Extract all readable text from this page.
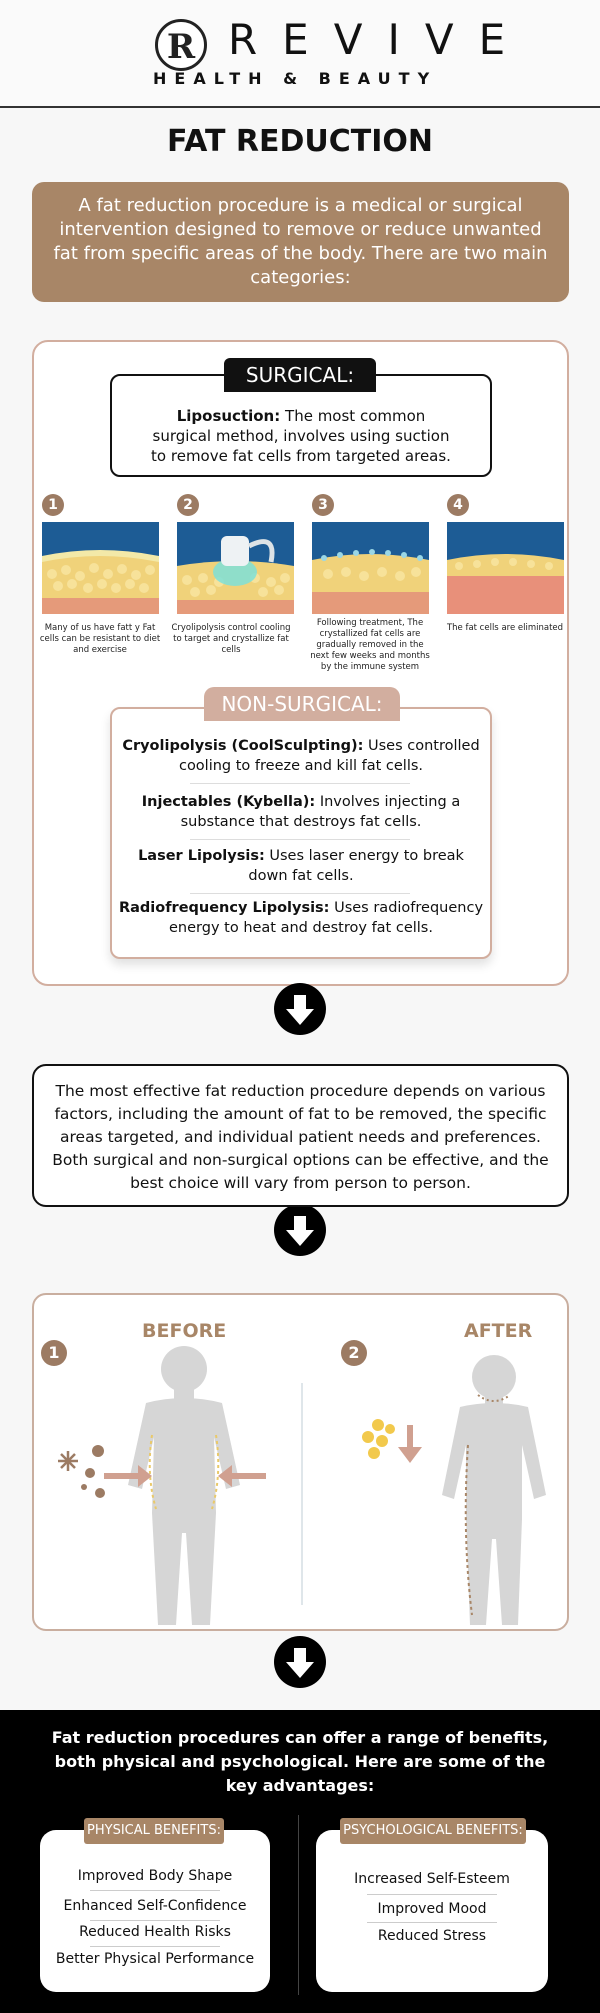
R REVIVE
HEALTH & BEAUTY
FAT REDUCTION
A fat reduction procedure is a medical or surgical intervention designed to remove or reduce unwanted fat from specific areas of the body. There are two main categories:
Liposuction: The most common surgical method, involves using suction to remove fat cells from targeted areas.
SURGICAL:
1	2	3	4
Many of us have fatt y Fat cells can be resistant to diet and exercise
Cryolipolysis control cooling to target and crystallize fat cells
Following treatment, The crystallized fat cells are gradually removed in the next few weeks and months by the immune system
The fat cells are eliminated
NON-SURGICAL:
Cryolipolysis (CoolSculpting): Uses controlled cooling to freeze and kill fat cells.
Injectables (Kybella): Involves injecting a substance that destroys fat cells.
Laser Lipolysis: Uses laser energy to break down fat cells.
Radiofrequency Lipolysis: Uses radiofrequency energy to heat and destroy fat cells.
The most effective fat reduction procedure depends on various factors, including the amount of fat to be removed, the specific areas targeted, and individual patient needs and preferences. Both surgical and non-surgical options can be effective, and the best choice will vary from person to person.
1
BEFORE
2
AFTER
Fat reduction procedures can offer a range of benefits, both physical and psychological. Here are some of the key advantages:
PHYSICAL BENEFITS:
Improved Body Shape
Enhanced Self-Confidence
Reduced Health Risks
Better Physical Performance
PSYCHOLOGICAL BENEFITS:
Increased Self-Esteem
Improved Mood
Reduced Stress
